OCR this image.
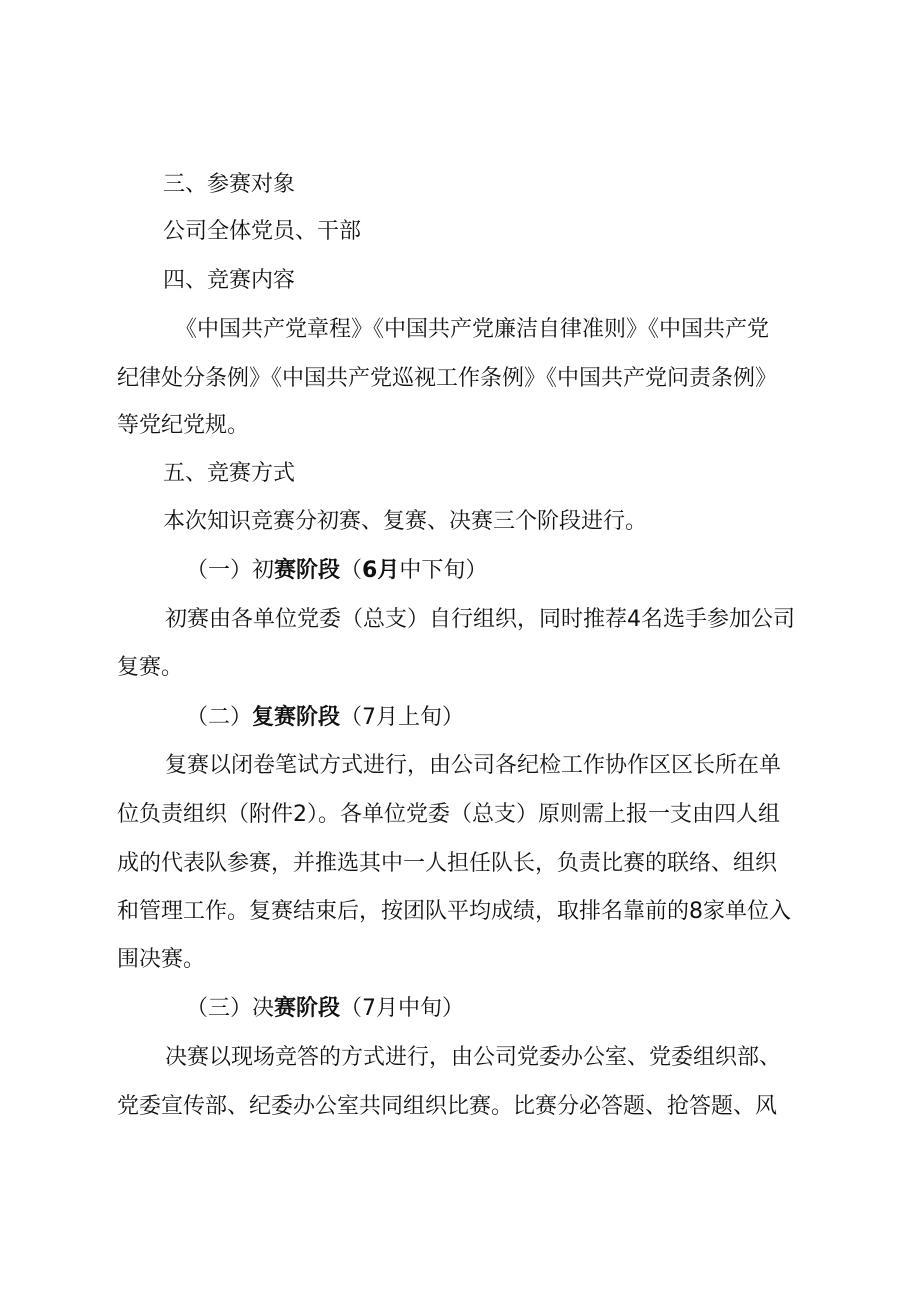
三、参赛对象
公司全体党员、干部
四、竞赛内容
《中国共产党章程》《中国共产党廉洁自律准则》《中国共产党
纪律处分条例》《中国共产党巡视工作条例》《中国共产党问责条例》
等党纪党规。
五、竞赛方式
本次知识竞赛分初赛、复赛、决赛三个阶段进行。
（一）初赛阶段（6月中下旬）
初赛由各单位党委（总支）自行组织，同时推荐4名选手参加公司
复赛。
（二）复赛阶段（7月上旬）
复赛以闭卷笔试方式进行，由公司各纪检工作协作区区长所在单
位负责组织（附件2）。各单位党委（总支）原则需上报一支由四人组
成的代表队参赛，并推选其中一人担任队长，负责比赛的联络、组织
和管理工作。复赛结束后，按团队平均成绩，取排名靠前的8家单位入
围决赛。
（三）决赛阶段（7月中旬）
决赛以现场竞答的方式进行，由公司党委办公室、党委组织部、
党委宣传部、纪委办公室共同组织比赛。比赛分必答题、抢答题、风
